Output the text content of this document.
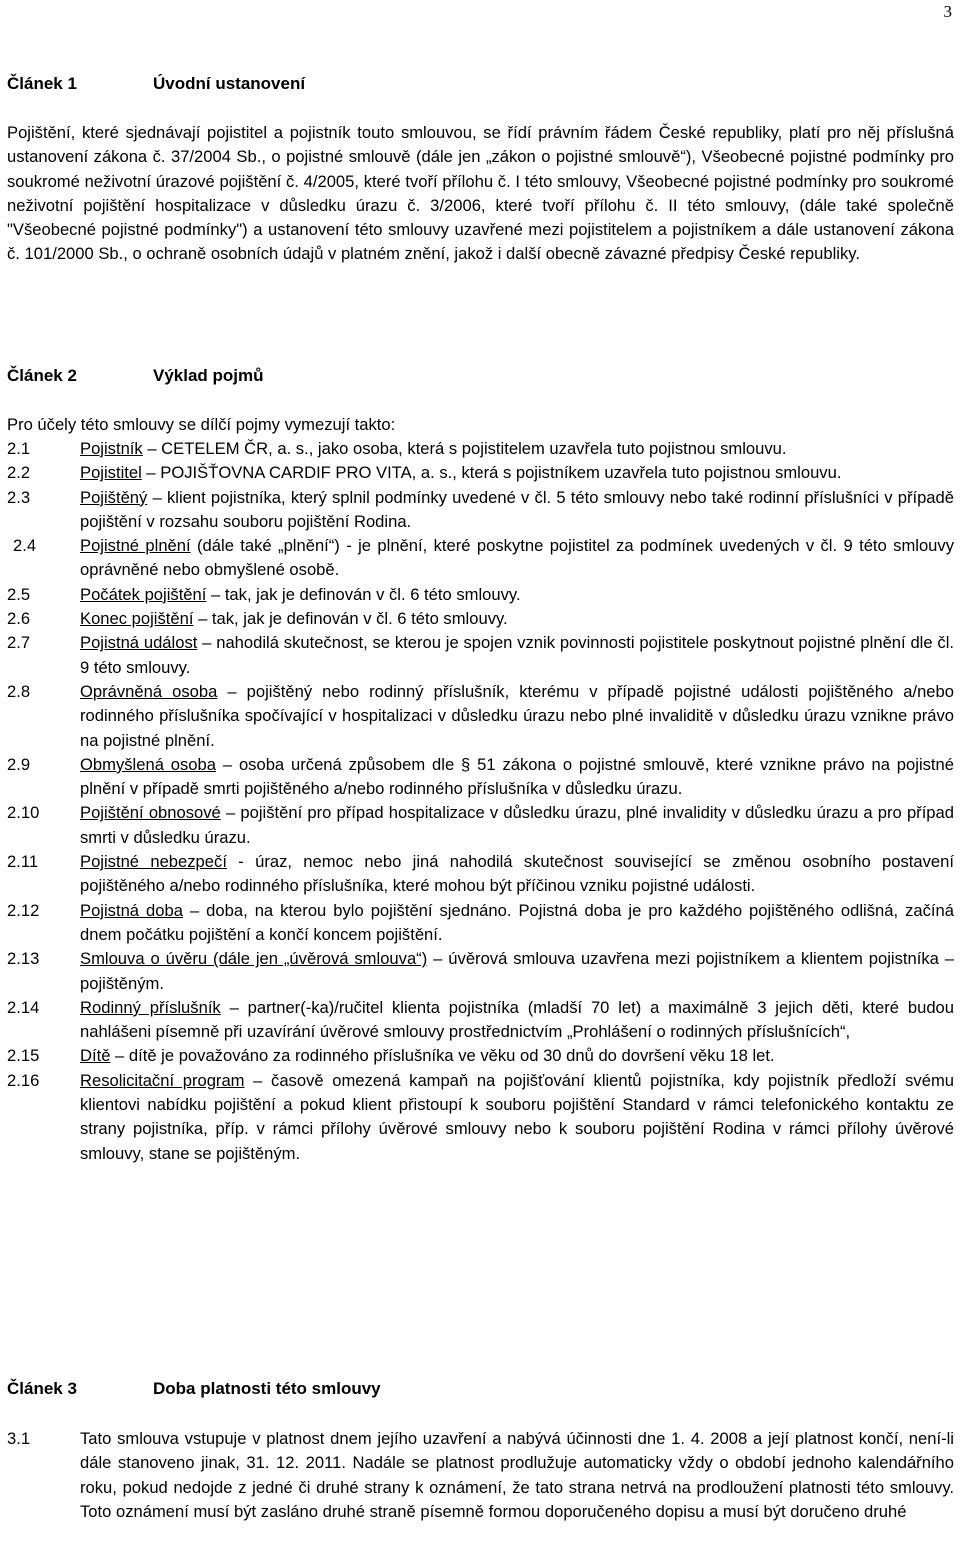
3
Článek 1	Úvodní ustanovení
Pojištění, které sjednávají pojistitel a pojistník touto smlouvou, se řídí právním řádem České republiky, platí pro něj příslušná ustanovení zákona č. 37/2004 Sb., o pojistné smlouvě (dále jen „zákon o pojistné smlouvě“), Všeobecné pojistné podmínky pro soukromé neživotní úrazové pojištění č. 4/2005, které tvoří přílohu č. I této smlouvy, Všeobecné pojistné podmínky pro soukromé neživotní pojištění hospitalizace v důsledku úrazu č. 3/2006, které tvoří přílohu č. II této smlouvy, (dále také společně "Všeobecné pojistné podmínky") a ustanovení této smlouvy uzavřené mezi pojistitelem a pojistníkem a dále ustanovení zákona č. 101/2000 Sb., o ochraně osobních údajů v platném znění, jakož i další obecně závazné předpisy České republiky.
Článek 2	Výklad pojmů
Pro účely této smlouvy se dílčí pojmy vymezují takto:
2.1	Pojistník – CETELEM ČR, a. s., jako osoba, která s pojistitelem uzavřela tuto pojistnou smlouvu.
2.2	Pojistitel – POJIŠŤOVNA CARDIF PRO VITA, a. s., která s pojistníkem uzavřela tuto pojistnou smlouvu.
2.3	Pojištěný – klient pojistníka, který splnil podmínky uvedené v čl. 5 této smlouvy nebo také rodinní příslušníci v případě pojištění v rozsahu souboru pojištění Rodina.
2.4	Pojistné plnění (dále také „plnění“) - je plnění, které poskytne pojistitel za podmínek uvedených v čl. 9 této smlouvy oprávněné nebo obmyšlené osobě.
2.5	Počátek pojištění – tak, jak je definován v čl. 6 této smlouvy.
2.6	Konec pojištění – tak, jak je definován v čl. 6 této smlouvy.
2.7	Pojistná událost – nahodilá skutečnost, se kterou je spojen vznik povinnosti pojistitele poskytnout pojistné plnění dle čl. 9 této smlouvy.
2.8	Oprávněná osoba – pojištěný nebo rodinný příslušník, kterému v případě pojistné události pojištěného a/nebo rodinného příslušníka spočívající v hospitalizaci v důsledku úrazu nebo plné invaliditě v důsledku úrazu vznikne právo na pojistné plnění.
2.9	Obmyšlená osoba – osoba určená způsobem dle § 51 zákona o pojistné smlouvě, které vznikne právo na pojistné plnění v případě smrti pojištěného a/nebo rodinného příslušníka v důsledku úrazu.
2.10	Pojištění obnosové – pojištění pro případ hospitalizace v důsledku úrazu, plné invalidity v důsledku úrazu a pro případ smrti v důsledku úrazu.
2.11	Pojistné nebezpečí - úraz, nemoc nebo jiná nahodilá skutečnost související se změnou osobního postavení pojištěného a/nebo rodinného příslušníka, které mohou být příčinou vzniku pojistné události.
2.12	Pojistná doba – doba, na kterou bylo pojištění sjednáno. Pojistná doba je pro každého pojištěného odlišná, začíná dnem počátku pojištění a končí koncem pojištění.
2.13	Smlouva o úvěru (dále jen „úvěrová smlouva“) – úvěrová smlouva uzavřena mezi pojistníkem a klientem pojistníka – pojištěným.
2.14	Rodinný příslušník – partner(-ka)/ručitel klienta pojistníka (mladší 70 let) a maximálně 3 jejich děti, které budou nahlášeni písemně při uzavírání úvěrové smlouvy prostřednictvím „Prohlášení o rodinných příslušnících“,
2.15	Dítě – dítě je považováno za rodinného příslušníka ve věku od 30 dnů do dovršení věku 18 let.
2.16	Resolicitační program – časově omezená kampaň na pojišťování klientů pojistníka, kdy pojistník předloží svému klientovi nabídku pojištění a pokud klient přistoupí k souboru pojištění Standard v rámci telefonického kontaktu ze strany pojistníka, příp. v rámci přílohy úvěrové smlouvy nebo k souboru pojištění Rodina v rámci přílohy úvěrové smlouvy, stane se pojištěným.
Článek 3	Doba platnosti této smlouvy
3.1	Tato smlouva vstupuje v platnost dnem jejího uzavření a nabývá účinnosti dne 1. 4. 2008 a její platnost končí, není-li dále stanoveno jinak, 31. 12. 2011. Nadále se platnost prodlužuje automaticky vždy o období jednoho kalendářního roku, pokud nedojde z jedné či druhé strany k oznámení, že tato strana netrvá na prodloužení platnosti této smlouvy. Toto oznámení musí být zasláno druhé straně písemně formou doporučeného dopisu a musí být doručeno druhé
